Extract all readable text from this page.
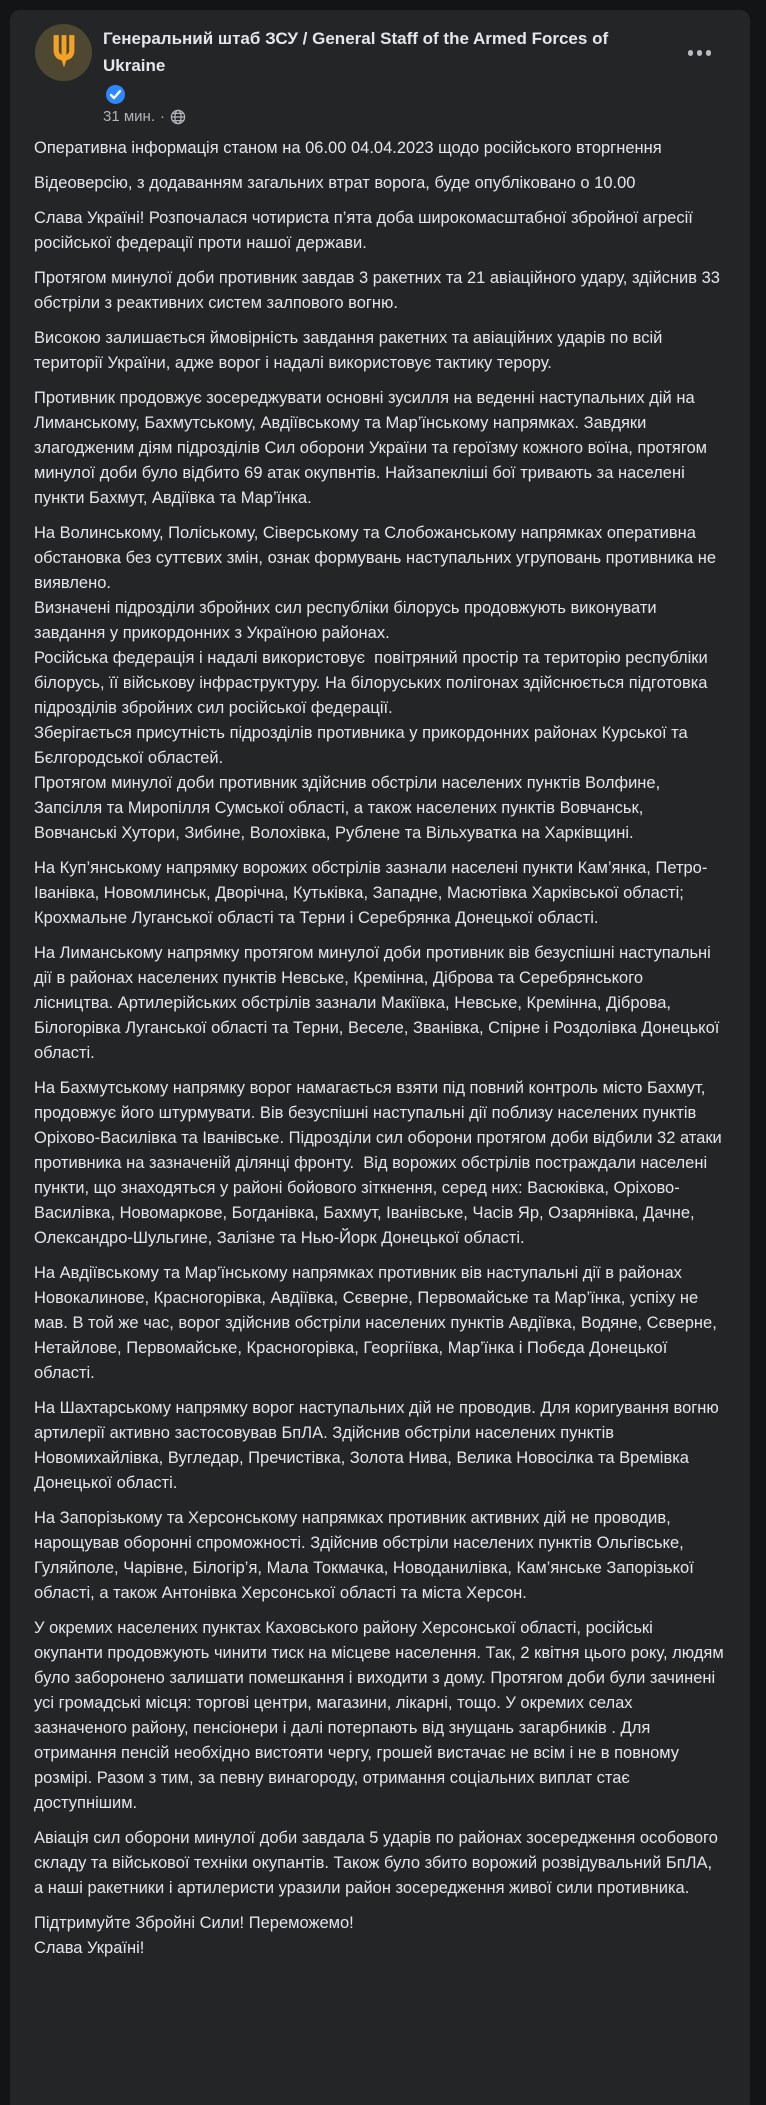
Генеральний штаб ЗСУ / General Staff of the Armed Forces of Ukraine
31 мин. ·
Оперативна інформація станом на 06.00 04.04.2023 щодо російського вторгнення
Відеоверсію, з додаванням загальних втрат ворога, буде опубліковано о 10.00
Слава Україні! Розпочалася чотириста п’ята доба широкомасштабної збройної агресії російської федерації проти нашої держави.
Протягом минулої доби противник завдав 3 ракетних та 21 авіаційного удару, здійснив 33 обстріли з реактивних систем залпового вогню.
Високою залишається ймовірність завдання ракетних та авіаційних ударів по всій території України, адже ворог і надалі використовує тактику терору.
Противник продовжує зосереджувати основні зусилля на веденні наступальних дій на Лиманському, Бахмутському, Авдіївському та Мар’їнському напрямках. Завдяки злагодженим діям підрозділів Сил оборони України та героїзму кожного воїна, протягом минулої доби було відбито 69 атак окупвнтів. Найзапекліші бої тривають за населені пункти Бахмут, Авдіївка та Мар’їнка.
На Волинському, Поліському, Сіверському та Слобожанському напрямках оперативна обстановка без суттєвих змін, ознак формувань наступальних угруповань противника не виявлено.
Визначені підрозділи збройних сил республіки білорусь продовжують виконувати завдання у прикордонних з Україною районах.
Російська федерація і надалі використовує  повітряний простір та територію республіки білорусь, її військову інфраструктуру. На білоруських полігонах здійснюється підготовка підрозділів збройних сил російської федерації.
Зберігається присутність підрозділів противника у прикордонних районах Курської та Бєлгородської областей.
Протягом минулої доби противник здійснив обстріли населених пунктів Волфине, Запсілля та Миропілля Сумської області, а також населених пунктів Вовчанськ, Вовчанські Хутори, Зибине, Волохівка, Рублене та Вільхуватка на Харківщині.
На Куп’янському напрямку ворожих обстрілів зазнали населені пункти Кам’янка, Петро-Іванівка, Новомлинськ, Дворічна, Кутьківка, Западне, Масютівка Харківської області; Крохмальне Луганської області та Терни і Серебрянка Донецької області.
На Лиманському напрямку протягом минулої доби противник вів безуспішні наступальні дії в районах населених пунктів Невське, Кремінна, Діброва та Серебрянського лісництва. Артилерійських обстрілів зазнали Макіївка, Невське, Кремінна, Діброва, Білогорівка Луганської області та Терни, Веселе, Званівка, Спірне і Роздолівка Донецької області.
На Бахмутському напрямку ворог намагається взяти під повний контроль місто Бахмут, продовжує його штурмувати. Вів безуспішні наступальні дії поблизу населених пунктів Оріхово-Василівка та Іванівське. Підрозділи сил оборони протягом доби відбили 32 атаки противника на зазначеній ділянці фронту.  Від ворожих обстрілів постраждали населені пункти, що знаходяться у районі бойового зіткнення, серед них: Васюківка, Оріхово-Василівка, Новомаркове, Богданівка, Бахмут, Іванівське, Часів Яр, Озарянівка, Дачне, Олександро-Шульгине, Залізне та Нью-Йорк Донецької області.
На Авдіївському та Мар’їнському напрямках противник вів наступальні дії в районах Новокалинове, Красногорівка, Авдіївка, Сєверне, Первомайське та Мар’їнка, успіху не мав. В той же час, ворог здійснив обстріли населених пунктів Авдіївка, Водяне, Сєверне, Нетайлове, Первомайське, Красногорівка, Георгіївка, Мар’їнка і Побєда Донецької області.
На Шахтарському напрямку ворог наступальних дій не проводив. Для коригування вогню артилерії активно застосовував БпЛА. Здійснив обстріли населених пунктів Новомихайлівка, Вугледар, Пречистівка, Золота Нива, Велика Новосілка та Времівка Донецької області.
На Запорізькому та Херсонському напрямках противник активних дій не проводив, нарощував оборонні спроможності. Здійснив обстріли населених пунктів Ольгівське, Гуляйполе, Чарівне, Білогір’я, Мала Токмачка, Новоданилівка, Кам’янське Запорізької області, а також Антонівка Херсонської області та міста Херсон.
У окремих населених пунктах Каховського району Херсонської області, російські окупанти продовжують чинити тиск на місцеве населення. Так, 2 квітня цього року, людям було заборонено залишати помешкання і виходити з дому. Протягом доби були зачинені усі громадські місця: торгові центри, магазини, лікарні, тощо. У окремих селах зазначеного району, пенсіонери і далі потерпають від знущань загарбників . Для отримання пенсій необхідно вистояти чергу, грошей вистачає не всім і не в повному розмірі. Разом з тим, за певну винагороду, отримання соціальних виплат стає доступнішим.
Авіація сил оборони минулої доби завдала 5 ударів по районах зосередження особового складу та військової техніки окупантів. Також було збито ворожий розвідувальний БпЛА, а наші ракетники і артилеристи уразили район зосередження живої сили противника.
Підтримуйте Збройні Сили! Переможемо!
Слава Україні!
